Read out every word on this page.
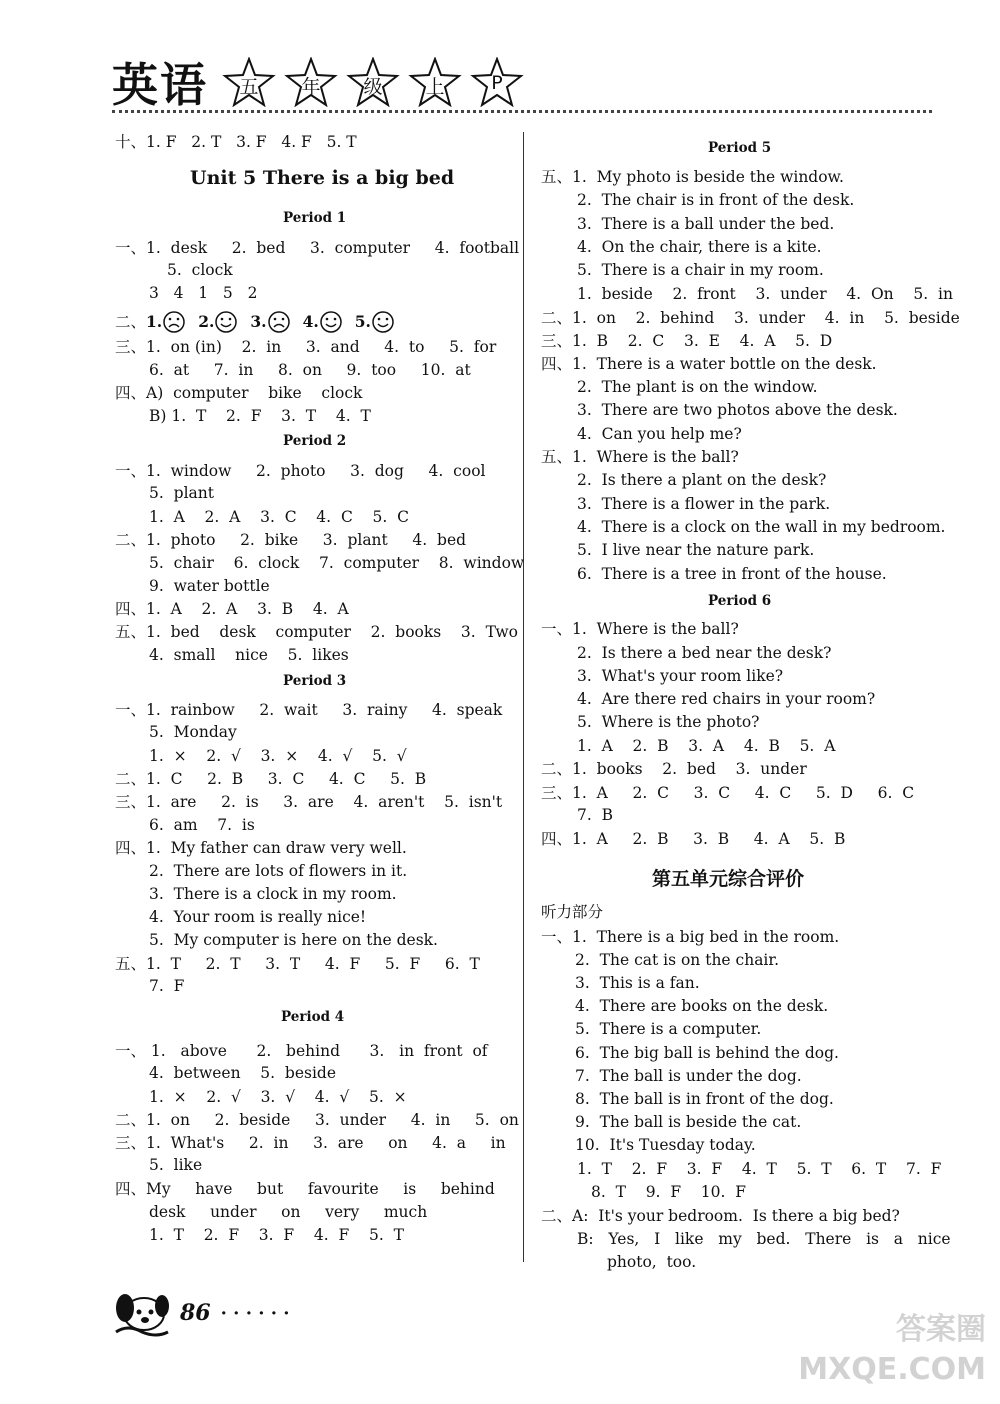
英语	五	年	级	上	P
十、1. F   2. T   3. F   4. F   5. T
Unit 5 There is a big bed
Period 1
一、1.  desk     2.  bed     3.  computer     4.  football
5.  clock
3   4   1   5   2
二、 1. 2. 3. 4. 5.
三、1.  on (in)    2.  in     3.  and     4.  to     5.  for
6.  at     7.  in     8.  on     9.  too     10.  at
四、A)  computer    bike    clock
B) 1.  T    2.  F    3.  T    4.  T
Period 2
一、1.  window     2.  photo     3.  dog     4.  cool
5.  plant
1.  A    2.  A    3.  C    4.  C    5.  C
二、1.  photo     2.  bike     3.  plant     4.  bed
5.  chair    6.  clock    7.  computer    8.  window
9.  water bottle
四、1.  A    2.  A    3.  B    4.  A
五、1.  bed    desk    computer    2.  books    3.  Two
4.  small    nice    5.  likes
Period 3
一、1.  rainbow     2.  wait     3.  rainy     4.  speak
5.  Monday
1.  ×    2.  √    3.  ×    4.  √    5.  √
二、1.  C     2.  B     3.  C     4.  C     5.  B
三、1.  are     2.  is     3.  are    4.  aren't    5.  isn't
6.  am    7.  is
四、1.  My father can draw very well.
2.  There are lots of flowers in it.
3.  There is a clock in my room.
4.  Your room is really nice!
5.  My computer is here on the desk.
五、1.  T     2.  T     3.  T     4.  F     5.  F     6.  T
7.  F
Period 4
一、 1.   above      2.   behind      3.   in  front  of
4.  between    5.  beside
1.  ×    2.  √    3.  √    4.  √    5.  ×
二、1.  on     2.  beside     3.  under     4.  in     5.  on
三、1.  What's     2.  in     3.  are     on     4.  a     in
5.  like
四、My     have     but     favourite     is     behind
desk     under     on     very     much
1.  T    2.  F    3.  F    4.  F    5.  T
Period 5
五、1.  My photo is beside the window.
2.  The chair is in front of the desk.
3.  There is a ball under the bed.
4.  On the chair, there is a kite.
5.  There is a chair in my room.
1.  beside    2.  front    3.  under    4.  On    5.  in
二、1.  on    2.  behind    3.  under    4.  in    5.  beside
三、1.  B    2.  C    3.  E    4.  A    5.  D
四、1.  There is a water bottle on the desk.
2.  The plant is on the window.
3.  There are two photos above the desk.
4.  Can you help me?
五、1.  Where is the ball?
2.  Is there a plant on the desk?
3.  There is a flower in the park.
4.  There is a clock on the wall in my bedroom.
5.  I live near the nature park.
6.  There is a tree in front of the house.
Period 6
一、1.  Where is the ball?
2.  Is there a bed near the desk?
3.  What's your room like?
4.  Are there red chairs in your room?
5.  Where is the photo?
1.  A    2.  B    3.  A    4.  B    5.  A
二、1.  books    2.  bed    3.  under
三、1.  A     2.  C     3.  C     4.  C     5.  D     6.  C
7.  B
四、1.  A     2.  B     3.  B     4.  A    5.  B
第五单元综合评价
听力部分
一、1.  There is a big bed in the room.
2.  The cat is on the chair.
3.  This is a fan.
4.  There are books on the desk.
5.  There is a computer.
6.  The big ball is behind the dog.
7.  The ball is under the dog.
8.  The ball is in front of the dog.
9.  The ball is beside the cat.
10.  It's Tuesday today.
1.  T    2.  F    3.  F    4.  T    5.  T    6.  T    7.  F
8.  T    9.  F    10.  F
二、A:  It's your bedroom.  Is there a big bed?
B:   Yes,   I   like   my   bed.   There   is   a   nice
photo,  too.
86 · · · · · ·	答案圈
MXQE.COM
